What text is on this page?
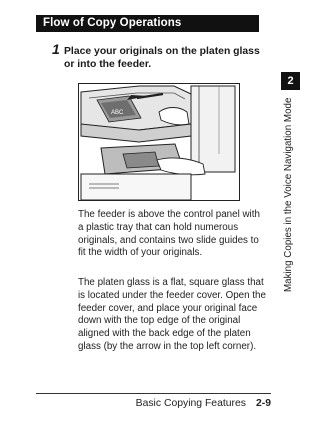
Flow of Copy Operations
1 Place your originals on the platen glass or into the feeder.
ABC
The feeder is above the control panel with a plastic tray that can hold numerous originals, and contains two slide guides to fit the width of your originals.
The platen glass is a flat, square glass that is located under the feeder cover. Open the feeder cover, and place your original face down with the top edge of the original aligned with the back edge of the platen glass (by the arrow in the top left corner).
2
Making Copies in the Voice Navigation Mode
Basic Copying Features 2-9
